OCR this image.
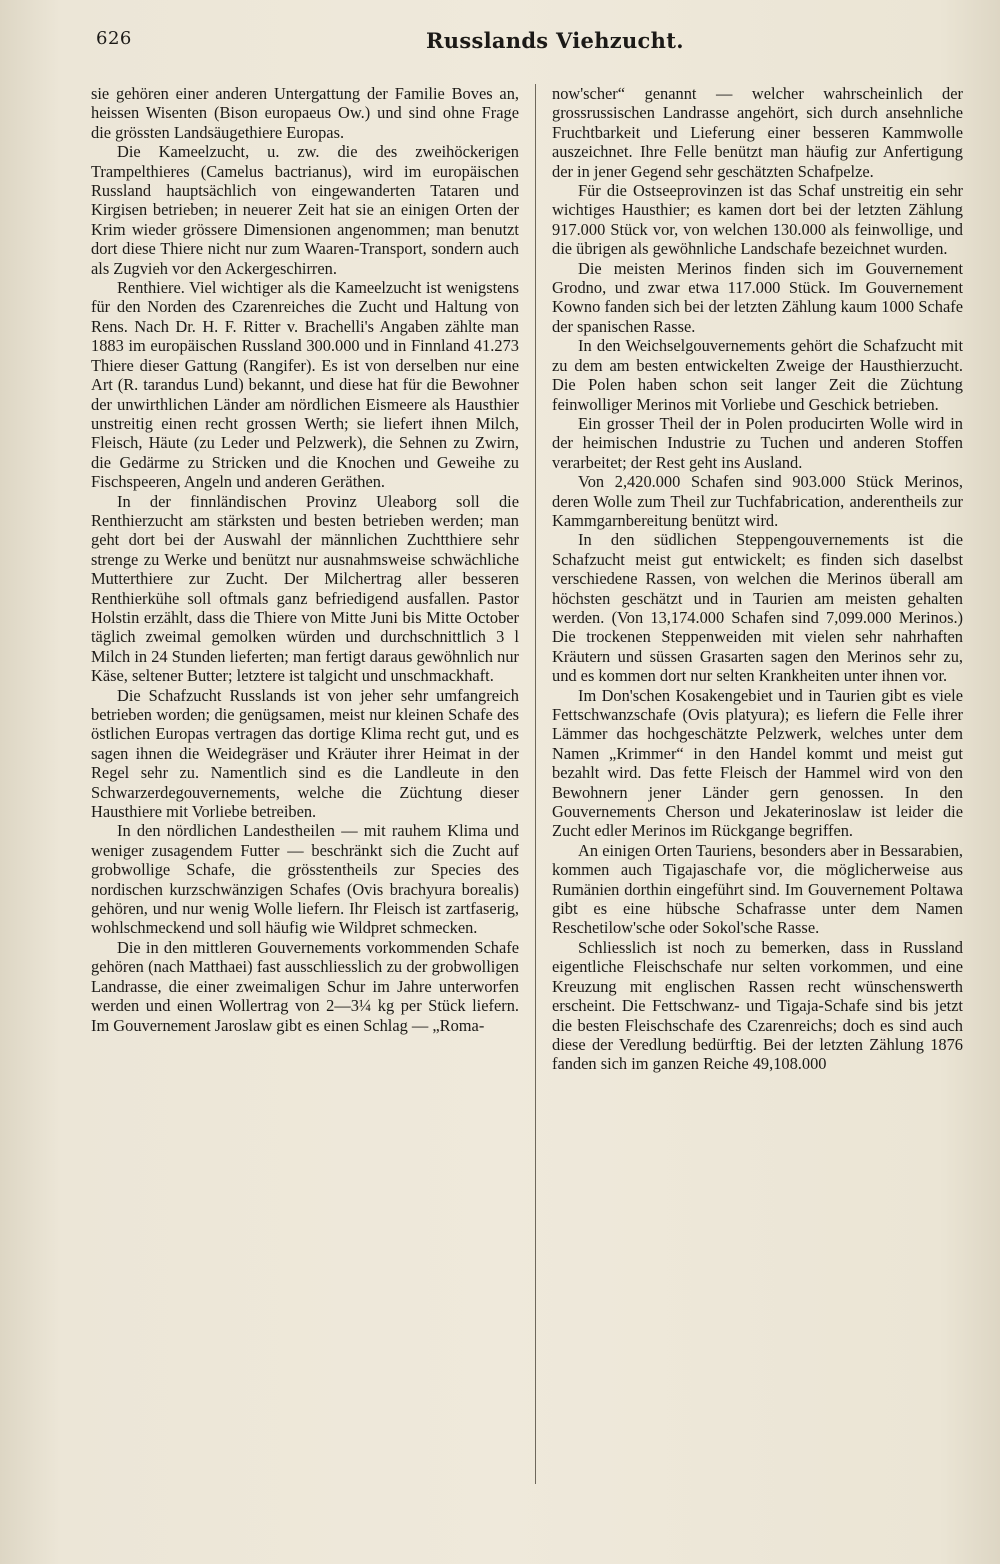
626	Russlands Viehzucht.

sie gehören einer anderen Untergattung der Familie Boves an, heissen Wisenten (Bison europaeus Ow.) und sind ohne Frage die grössten Landsäugethiere Europas.

Die Kameelzucht, u. zw. die des zweihöckerigen Trampelthieres (Camelus bactrianus), wird im europäischen Russland hauptsächlich von eingewanderten Tataren und Kirgisen betrieben; in neuerer Zeit hat sie an einigen Orten der Krim wieder grössere Dimensionen angenommen; man benutzt dort diese Thiere nicht nur zum Waaren-Transport, sondern auch als Zugvieh vor den Ackergeschirren.

Renthiere. Viel wichtiger als die Kameelzucht ist wenigstens für den Norden des Czarenreiches die Zucht und Haltung von Rens. Nach Dr. H. F. Ritter v. Brachelli's Angaben zählte man 1883 im europäischen Russland 300.000 und in Finnland 41.273 Thiere dieser Gattung (Rangifer). Es ist von derselben nur eine Art (R. tarandus Lund) bekannt, und diese hat für die Bewohner der unwirthlichen Länder am nördlichen Eismeere als Hausthier unstreitig einen recht grossen Werth; sie liefert ihnen Milch, Fleisch, Häute (zu Leder und Pelzwerk), die Sehnen zu Zwirn, die Gedärme zu Stricken und die Knochen und Geweihe zu Fischspeeren, Angeln und anderen Geräthen.

In der finnländischen Provinz Uleaborg soll die Renthierzucht am stärksten und besten betrieben werden; man geht dort bei der Auswahl der männlichen Zuchtthiere sehr strenge zu Werke und benützt nur ausnahmsweise schwächliche Mutterthiere zur Zucht. Der Milchertrag aller besseren Renthierkühe soll oftmals ganz befriedigend ausfallen. Pastor Holstin erzählt, dass die Thiere von Mitte Juni bis Mitte October täglich zweimal gemolken würden und durchschnittlich 3 l Milch in 24 Stunden lieferten; man fertigt daraus gewöhnlich nur Käse, seltener Butter; letztere ist talgicht und unschmackhaft.

Die Schafzucht Russlands ist von jeher sehr umfangreich betrieben worden; die genügsamen, meist nur kleinen Schafe des östlichen Europas vertragen das dortige Klima recht gut, und es sagen ihnen die Weidegräser und Kräuter ihrer Heimat in der Regel sehr zu. Namentlich sind es die Landleute in den Schwarzerdegouvernements, welche die Züchtung dieser Hausthiere mit Vorliebe betreiben.

In den nördlichen Landestheilen — mit rauhem Klima und weniger zusagendem Futter — beschränkt sich die Zucht auf grobwollige Schafe, die grösstentheils zur Species des nordischen kurzschwänzigen Schafes (Ovis brachyura borealis) gehören, und nur wenig Wolle liefern. Ihr Fleisch ist zartfaserig, wohlschmeckend und soll häufig wie Wildpret schmecken.

Die in den mittleren Gouvernements vorkommenden Schafe gehören (nach Matthaei) fast ausschliesslich zu der grobwolligen Landrasse, die einer zweimaligen Schur im Jahre unterworfen werden und einen Wollertrag von 2—3¼ kg per Stück liefern. Im Gouvernement Jaroslaw gibt es einen Schlag — „Roma-

now'scher“ genannt — welcher wahrscheinlich der grossrussischen Landrasse angehört, sich durch ansehnliche Fruchtbarkeit und Lieferung einer besseren Kammwolle auszeichnet. Ihre Felle benützt man häufig zur Anfertigung der in jener Gegend sehr geschätzten Schafpelze.

Für die Ostseeprovinzen ist das Schaf unstreitig ein sehr wichtiges Hausthier; es kamen dort bei der letzten Zählung 917.000 Stück vor, von welchen 130.000 als feinwollige, und die übrigen als gewöhnliche Landschafe bezeichnet wurden.

Die meisten Merinos finden sich im Gouvernement Grodno, und zwar etwa 117.000 Stück. Im Gouvernement Kowno fanden sich bei der letzten Zählung kaum 1000 Schafe der spanischen Rasse.

In den Weichselgouvernements gehört die Schafzucht mit zu dem am besten entwickelten Zweige der Hausthierzucht. Die Polen haben schon seit langer Zeit die Züchtung feinwolliger Merinos mit Vorliebe und Geschick betrieben.

Ein grosser Theil der in Polen producirten Wolle wird in der heimischen Industrie zu Tuchen und anderen Stoffen verarbeitet; der Rest geht ins Ausland.

Von 2,420.000 Schafen sind 903.000 Stück Merinos, deren Wolle zum Theil zur Tuchfabrication, anderentheils zur Kammgarnbereitung benützt wird.

In den südlichen Steppengouvernements ist die Schafzucht meist gut entwickelt; es finden sich daselbst verschiedene Rassen, von welchen die Merinos überall am höchsten geschätzt und in Taurien am meisten gehalten werden. (Von 13,174.000 Schafen sind 7,099.000 Merinos.) Die trockenen Steppenweiden mit vielen sehr nahrhaften Kräutern und süssen Grasarten sagen den Merinos sehr zu, und es kommen dort nur selten Krankheiten unter ihnen vor.

Im Don'schen Kosakengebiet und in Taurien gibt es viele Fettschwanzschafe (Ovis platyura); es liefern die Felle ihrer Lämmer das hochgeschätzte Pelzwerk, welches unter dem Namen „Krimmer“ in den Handel kommt und meist gut bezahlt wird. Das fette Fleisch der Hammel wird von den Bewohnern jener Länder gern genossen. In den Gouvernements Cherson und Jekaterinoslaw ist leider die Zucht edler Merinos im Rückgange begriffen.

An einigen Orten Tauriens, besonders aber in Bessarabien, kommen auch Tigajaschafe vor, die möglicherweise aus Rumänien dorthin eingeführt sind. Im Gouvernement Poltawa gibt es eine hübsche Schafrasse unter dem Namen Reschetilow'sche oder Sokol'sche Rasse.

Schliesslich ist noch zu bemerken, dass in Russland eigentliche Fleischschafe nur selten vorkommen, und eine Kreuzung mit englischen Rassen recht wünschenswerth erscheint. Die Fettschwanz- und Tigaja-Schafe sind bis jetzt die besten Fleischschafe des Czarenreichs; doch es sind auch diese der Veredlung bedürftig. Bei der letzten Zählung 1876 fanden sich im ganzen Reiche 49,108.000
